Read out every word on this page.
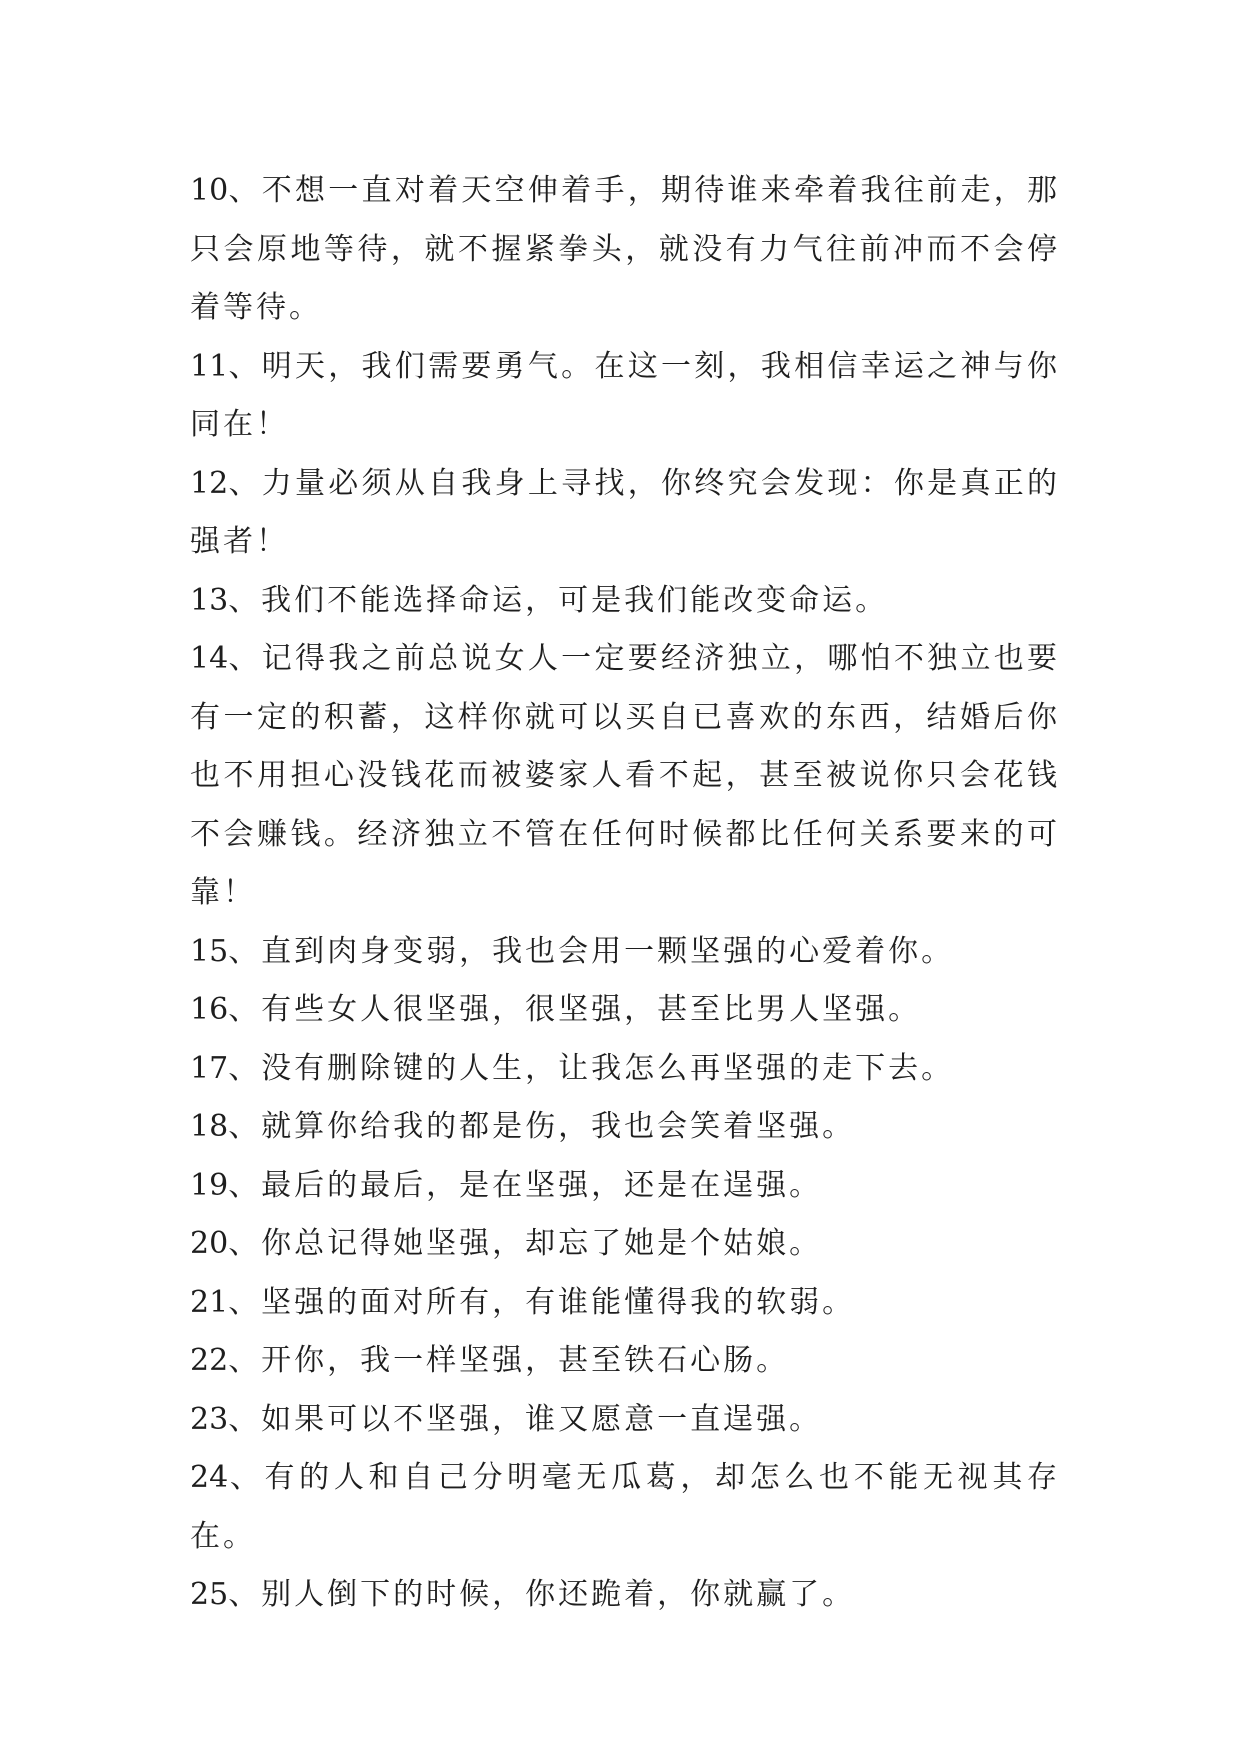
10、不想一直对着天空伸着手，期待谁来牵着我往前走，那只会原地等待，就不握紧拳头，就没有力气往前冲而不会停着等待。

11、明天，我们需要勇气。在这一刻，我相信幸运之神与你同在！

12、力量必须从自我身上寻找，你终究会发现：你是真正的强者！

13、我们不能选择命运，可是我们能改变命运。

14、记得我之前总说女人一定要经济独立，哪怕不独立也要有一定的积蓄，这样你就可以买自已喜欢的东西，结婚后你也不用担心没钱花而被婆家人看不起，甚至被说你只会花钱不会赚钱。经济独立不管在任何时候都比任何关系要来的可靠！

15、直到肉身变弱，我也会用一颗坚强的心爱着你。

16、有些女人很坚强，很坚强，甚至比男人坚强。

17、没有删除键的人生，让我怎么再坚强的走下去。

18、就算你给我的都是伤，我也会笑着坚强。

19、最后的最后，是在坚强，还是在逞强。

20、你总记得她坚强，却忘了她是个姑娘。

21、坚强的面对所有，有谁能懂得我的软弱。

22、开你，我一样坚强，甚至铁石心肠。

23、如果可以不坚强，谁又愿意一直逞强。

24、有的人和自己分明毫无瓜葛，却怎么也不能无视其存在。

25、别人倒下的时候，你还跪着，你就赢了。
